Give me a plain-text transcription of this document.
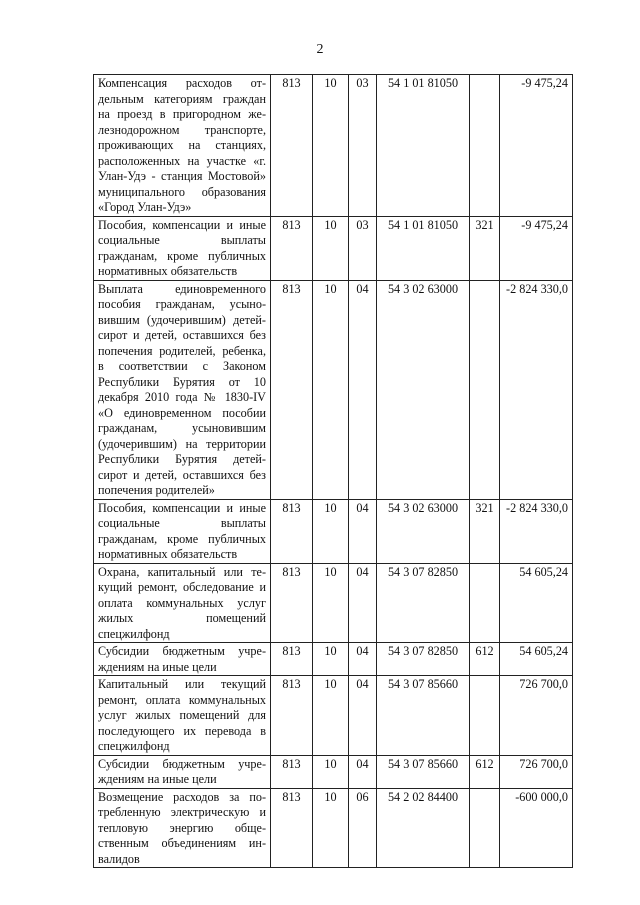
2
Компенсация расходов отдельным категориям граждан на проезд в пригородном железнодорожном транспорте, проживающих на станциях, расположенных на участке «г. Улан-Удэ - станция Мостовой» муниципального образования «Город Улан-Удэ»	813	10	03	54 1 01 81050		-9 475,24
Пособия, компенсации и иные социальные выплаты гражданам, кроме публичных нормативных обязательств	813	10	03	54 1 01 81050	321	-9 475,24
Выплата единовременного пособия гражданам, усыновившим (удочерившим) детей-сирот и детей, оставшихся без попечения родителей, ребенка, в соответствии с Законом Республики Бурятия от 10 декабря 2010 года № 1830-IV «О единовременном пособии гражданам, усыновившим (удочерившим) на территории Республики Бурятия детей-сирот и детей, оставшихся без попечения родителей»	813	10	04	54 3 02 63000		-2 824 330,0
Пособия, компенсации и иные социальные выплаты гражданам, кроме публичных нормативных обязательств	813	10	04	54 3 02 63000	321	-2 824 330,0
Охрана, капитальный или текущий ремонт, обследование и оплата коммунальных услуг жилых помещений спецжилфонд	813	10	04	54 3 07 82850		54 605,24
Субсидии бюджетным учреждениям на иные цели	813	10	04	54 3 07 82850	612	54 605,24
Капитальный или текущий ремонт, оплата коммунальных услуг жилых помещений для последующего их перевода в спецжилфонд	813	10	04	54 3 07 85660		726 700,0
Субсидии бюджетным учреждениям на иные цели	813	10	04	54 3 07 85660	612	726 700,0
Возмещение расходов за потребленную электрическую и тепловую энергию общественным объединениям инвалидов	813	10	06	54 2 02 84400		-600 000,0
